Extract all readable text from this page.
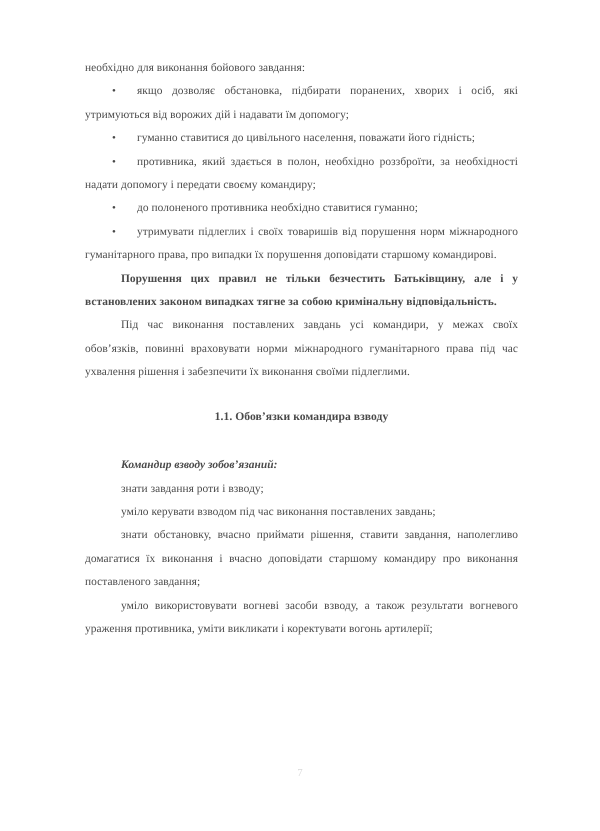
необхідно для виконання бойового завдання:

•	якщо дозволяє обстановка, підбирати поранених, хворих і осіб, які утримуються від ворожих дій і надавати їм допомогу;
•	гуманно ставитися до цивільного населення, поважати його гідність;
•	противника, який здається в полон, необхідно роззброїти, за необхідності надати допомогу і передати своєму командиру;
•	до полоненого противника необхідно ставитися гуманно;
•	утримувати підлеглих і своїх товаришів від порушення норм міжнародного гуманітарного права, про випадки їх порушення доповідати старшому командирові.

Порушення цих правил не тільки безчестить Батьківщину, але і у встановлених законом випадках тягне за собою кримінальну відповідальність.

Під час виконання поставлених завдань усі командири, у межах своїх обов’язків, повинні враховувати норми міжнародного гуманітарного права під час ухвалення рішення і забезпечити їх виконання своїми підлеглими.

1.1. Обов’язки командира взводу

Командир взводу зобов’язаний:

знати завдання роти і взводу;

уміло керувати взводом під час виконання поставлених завдань;

знати обстановку, вчасно приймати рішення, ставити завдання, наполегливо домагатися їх виконання і вчасно доповідати старшому командиру про виконання поставленого завдання;

уміло використовувати вогневі засоби взводу, а також результати вогневого ураження противника, уміти викликати і коректувати вогонь артилерії;

7
